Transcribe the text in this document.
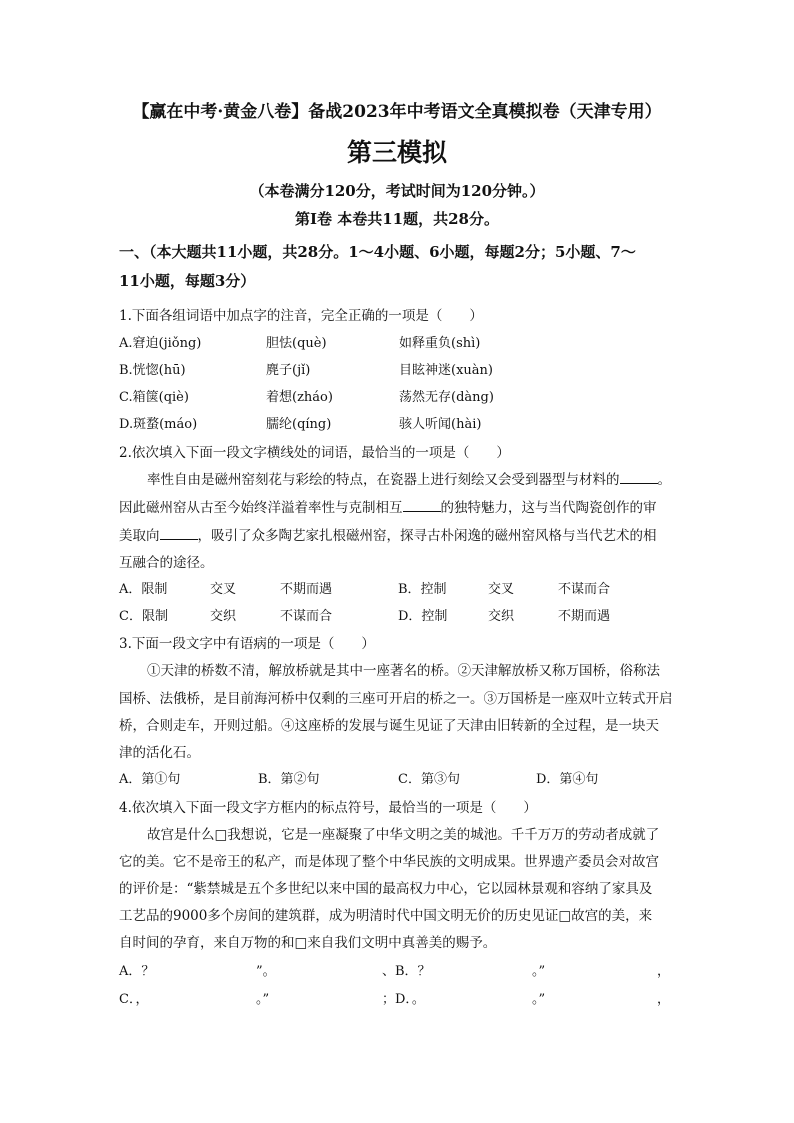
【赢在中考·黄金八卷】备战2023年中考语文全真模拟卷（天津专用）
第三模拟
（本卷满分120分，考试时间为120分钟。）
第Ⅰ卷 本卷共11题，共28分。
一、（本大题共11小题，共28分。1～4小题、6小题，每题2分；5小题、7～
11小题，每题3分）
1.下面各组词语中加点字的注音，完全正确的一项是（　　）
A.窘迫(jiǒng)	胆怯(què)	如释重负(shì)
B.恍惚(hū)	麂子(jǐ)	目眩神迷(xuàn)
C.箱箧(qiè)	着想(zháo)	荡然无存(dàng)
D.斑蝥(máo)	臑纶(qíng)	骇人听闻(hài)
2.依次填入下面一段文字横线处的词语，最恰当的一项是（　　）
率性自由是磁州窑刻花与彩绘的特点，在瓷器上进行刻绘又会受到器型与材料的	。
因此磁州窑从古至今始终洋溢着率性与克制相互	的独特魅力，这与当代陶瓷创作的审
美取向	，吸引了众多陶艺家扎根磁州窑，探寻古朴闲逸的磁州窑风格与当代艺术的相
互融合的途径。
A．限制	交叉	不期而遇	B．控制	交叉	不谋而合
C．限制	交织	不谋而合	D．控制	交织	不期而遇
3.下面一段文字中有语病的一项是（　　）
①天津的桥数不清，解放桥就是其中一座著名的桥。②天津解放桥又称万国桥，俗称法
国桥、法俄桥，是目前海河桥中仅剩的三座可开启的桥之一。③万国桥是一座双叶立转式开启
桥，合则走车，开则过船。④这座桥的发展与诞生见证了天津由旧转新的全过程，是一块天
津的活化石。
A．第①句	B．第②句	C．第③句	D．第④句
4.依次填入下面一段文字方框内的标点符号，最恰当的一项是（　　）
故宫是什么□我想说，它是一座凝聚了中华文明之美的城池。千千万万的劳动者成就了
它的美。它不是帝王的私产，而是体现了整个中华民族的文明成果。世界遗产委员会对故宫
的评价是：“紫禁城是五个多世纪以来中国的最高权力中心，它以园林景观和容纳了家具及
工艺品的9000多个房间的建筑群，成为明清时代中国文明无价的历史见证□故宫的美，来
自时间的孕育，来自万物的和□来自我们文明中真善美的赐予。
A．？	”。	、B．？	。”	，
C．，	。”	；D．。	。”	，
